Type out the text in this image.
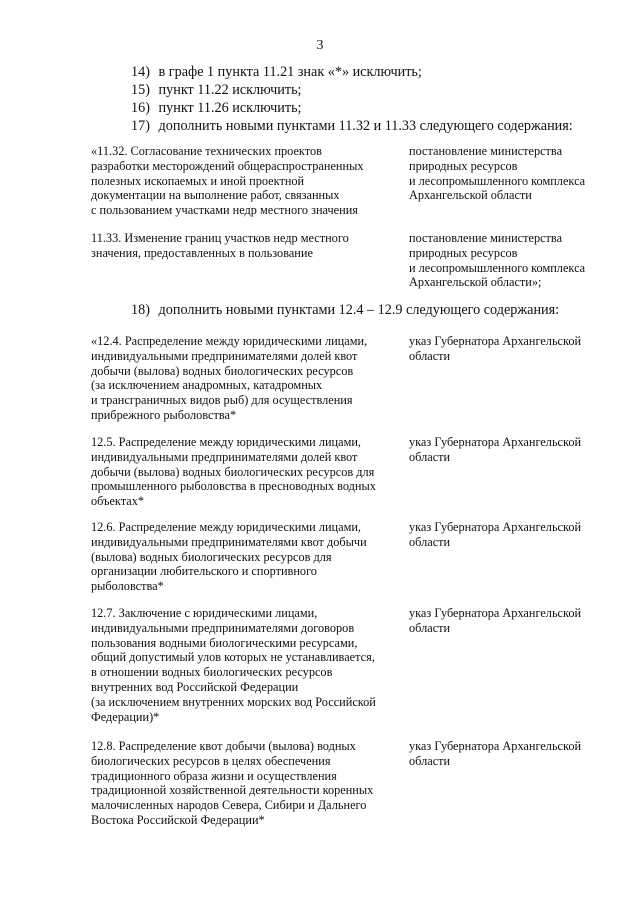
3
14) в графе 1 пункта 11.21 знак «*» исключить;
15) пункт 11.22 исключить;
16) пункт 11.26 исключить;
17) дополнить новыми пунктами 11.32 и 11.33 следующего содержания:
«11.32. Согласование технических проектов
разработки месторождений общераспространенных
полезных ископаемых и иной проектной
документации на выполнение работ, связанных
с пользованием участками недр местного значения
постановление министерства
природных ресурсов
и лесопромышленного комплекса
Архангельской области
11.33. Изменение границ участков недр местного
значения, предоставленных в пользование
постановление министерства
природных ресурсов
и лесопромышленного комплекса
Архангельской области»;
18) дополнить новыми пунктами 12.4 – 12.9 следующего содержания:
«12.4. Распределение между юридическими лицами,
индивидуальными предпринимателями долей квот
добычи (вылова) водных биологических ресурсов
(за исключением анадромных, катадромных
и трансграничных видов рыб) для осуществления
прибрежного рыболовства*
указ Губернатора Архангельской
области
12.5. Распределение между юридическими лицами,
индивидуальными предпринимателями долей квот
добычи (вылова) водных биологических ресурсов для
промышленного рыболовства в пресноводных водных
объектах*
указ Губернатора Архангельской
области
12.6. Распределение между юридическими лицами,
индивидуальными предпринимателями квот добычи
(вылова) водных биологических ресурсов для
организации любительского и спортивного
рыболовства*
указ Губернатора Архангельской
области
12.7. Заключение с юридическими лицами,
индивидуальными предпринимателями договоров
пользования водными биологическими ресурсами,
общий допустимый улов которых не устанавливается,
в отношении водных биологических ресурсов
внутренних вод Российской Федерации
(за исключением внутренних морских вод Российской
Федерации)*
указ Губернатора Архангельской
области
12.8. Распределение квот добычи (вылова) водных
биологических ресурсов в целях обеспечения
традиционного образа жизни и осуществления
традиционной хозяйственной деятельности коренных
малочисленных народов Севера, Сибири и Дальнего
Востока Российской Федерации*
указ Губернатора Архангельской
области
